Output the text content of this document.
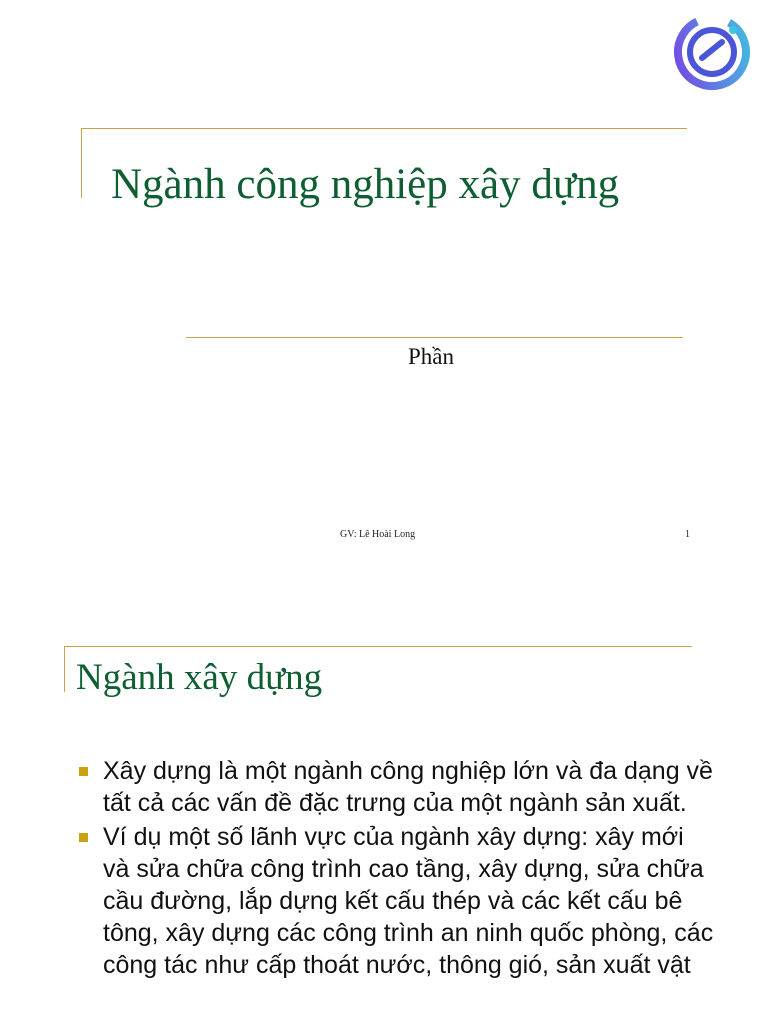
Ngành công nghiệp xây dựng

Phần

GV: Lê Hoài Long	1
Ngành xây dựng
Xây dựng là một ngành công nghiệp lớn và đa dạng về tất cả các vấn đề đặc trưng của một ngành sản xuất.
Ví dụ một số lãnh vực của ngành xây dựng: xây mới và sửa chữa công trình cao tầng, xây dựng, sửa chữa cầu đường, lắp dựng kết cấu thép và các kết cấu bê tông, xây dựng các công trình an ninh quốc phòng, các công tác như cấp thoát nước, thông gió, sản xuất vật
